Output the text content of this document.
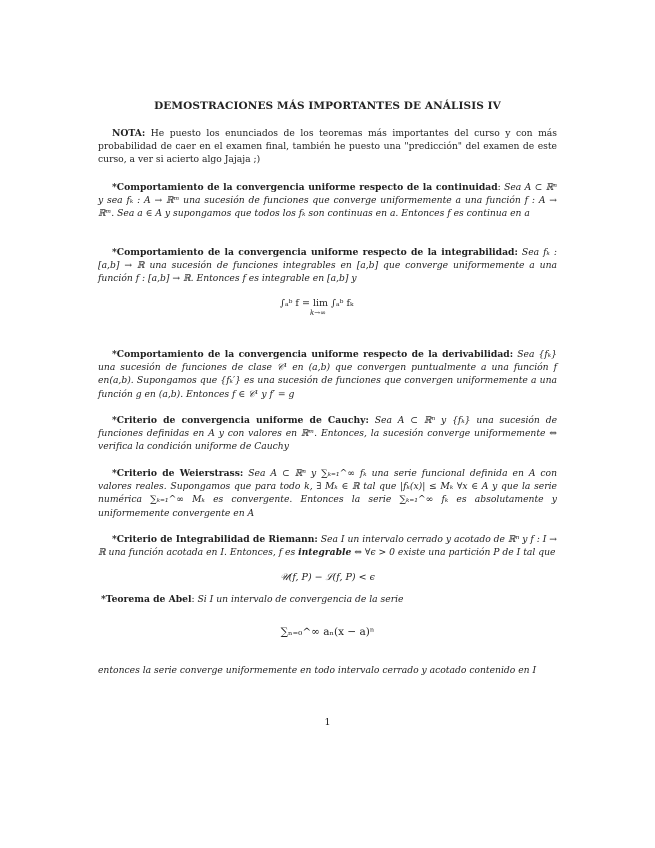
DEMOSTRACIONES MÁS IMPORTANTES DE ANÁLISIS IV
NOTA: He puesto los enunciados de los teoremas más importantes del curso y con más probabilidad de caer en el examen final, también he puesto una "predicción" del examen de este curso, a ver si acierto algo Jajaja ;)
*Comportamiento de la convergencia uniforme respecto de la continuidad: Sea A ⊂ ℝⁿ y sea fₖ : A → ℝᵐ una sucesión de funciones que converge uniformemente a una función f : A → ℝᵐ. Sea a ∈ A y supongamos que todos los fₖ son continuas en a. Entonces f es continua en a
*Comportamiento de la convergencia uniforme respecto de la integrabilidad: Sea fₖ : [a,b] → ℝ una sucesión de funciones integrables en [a,b] que converge uniformemente a una función f : [a,b] → ℝ. Entonces f es integrable en [a,b] y
∫ₐᵇ f = lim ∫ₐᵇ fₖ
k→∞
*Comportamiento de la convergencia uniforme respecto de la derivabilidad: Sea {fₖ} una sucesión de funciones de clase 𝒞¹ en (a,b) que convergen puntualmente a una función f en(a,b). Supongamos que {fₖ′} es una sucesión de funciones que convergen uniformemente a una función g en (a,b). Entonces f ∈ 𝒞¹ y f′ = g
*Criterio de convergencia uniforme de Cauchy: Sea A ⊂ ℝⁿ y {fₖ} una sucesión de funciones definidas en A y con valores en ℝᵐ. Entonces, la sucesión converge uniformemente ⇔ verifica la condición uniforme de Cauchy
*Criterio de Weierstrass: Sea A ⊂ ℝⁿ y ∑ₖ₌₁^∞ fₖ una serie funcional definida en A con valores reales. Supongamos que para todo k, ∃ Mₖ ∈ ℝ tal que |fₖ(x)| ≤ Mₖ ∀x ∈ A y que la serie numérica ∑ₖ₌₁^∞ Mₖ es convergente. Entonces la serie ∑ₖ₌₁^∞ fₖ es absolutamente y uniformemente convergente en A
*Criterio de Integrabilidad de Riemann: Sea I un intervalo cerrado y acotado de ℝⁿ y f : I → ℝ una función acotada en I. Entonces, f es integrable ⇔ ∀ϵ > 0 existe una partición P de I tal que
𝒰(f, P) − ℒ(f, P) < ϵ
*Teorema de Abel: Si I un intervalo de convergencia de la serie
∑ₙ₌₀^∞ aₙ(x − a)ⁿ
entonces la serie converge uniformemente en todo intervalo cerrado y acotado contenido en I
1
